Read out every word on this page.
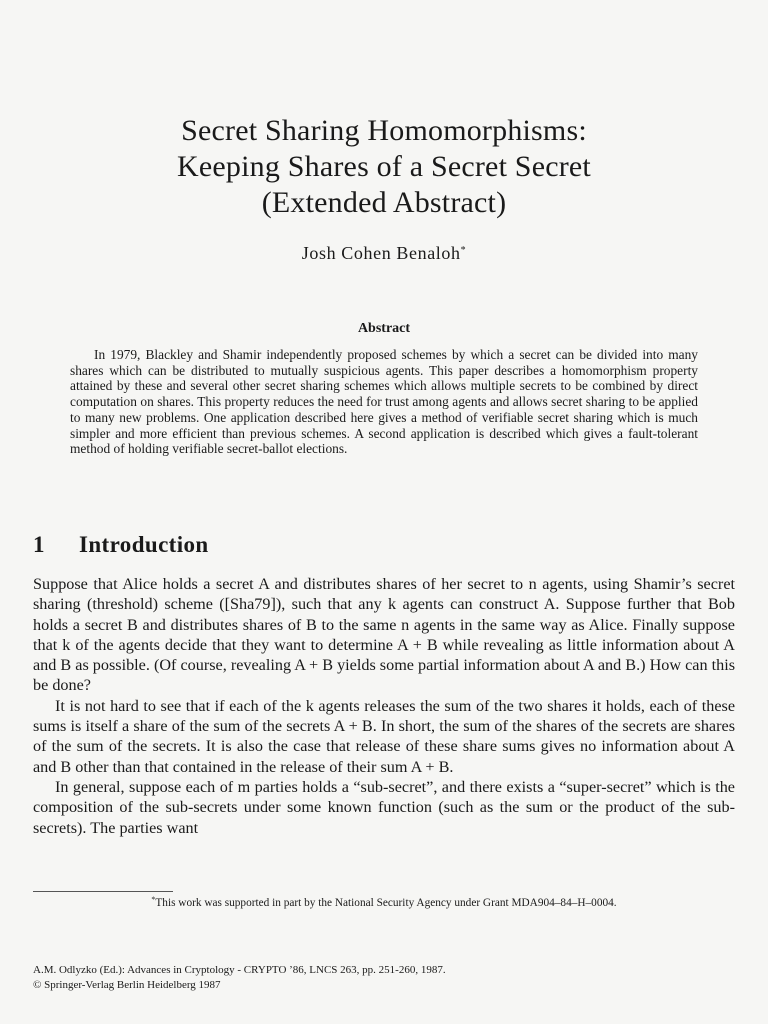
Secret Sharing Homomorphisms:
Keeping Shares of a Secret Secret
(Extended Abstract)
Josh Cohen Benaloh*
Abstract
In 1979, Blackley and Shamir independently proposed schemes by which a secret can be divided into many shares which can be distributed to mutually suspicious agents. This paper describes a homomorphism property attained by these and several other secret sharing schemes which allows multiple secrets to be combined by direct computation on shares. This property reduces the need for trust among agents and allows secret sharing to be applied to many new problems. One application described here gives a method of verifiable secret sharing which is much simpler and more efficient than previous schemes. A second application is described which gives a fault-tolerant method of holding verifiable secret-ballot elections.
1 Introduction

Suppose that Alice holds a secret A and distributes shares of her secret to n agents, using Shamir’s secret sharing (threshold) scheme ([Sha79]), such that any k agents can construct A. Suppose further that Bob holds a secret B and distributes shares of B to the same n agents in the same way as Alice. Finally suppose that k of the agents decide that they want to determine A + B while revealing as little information about A and B as possible. (Of course, revealing A + B yields some partial information about A and B.) How can this be done?

It is not hard to see that if each of the k agents releases the sum of the two shares it holds, each of these sums is itself a share of the sum of the secrets A + B. In short, the sum of the shares of the secrets are shares of the sum of the secrets. It is also the case that release of these share sums gives no information about A and B other than that contained in the release of their sum A + B.

In general, suppose each of m parties holds a “sub-secret”, and there exists a “super-secret” which is the composition of the sub-secrets under some known function (such as the sum or the product of the sub-secrets). The parties want

*This work was supported in part by the National Security Agency under Grant MDA904–84–H–0004.
A.M. Odlyzko (Ed.): Advances in Cryptology - CRYPTO ’86, LNCS 263, pp. 251-260, 1987.
© Springer-Verlag Berlin Heidelberg 1987
